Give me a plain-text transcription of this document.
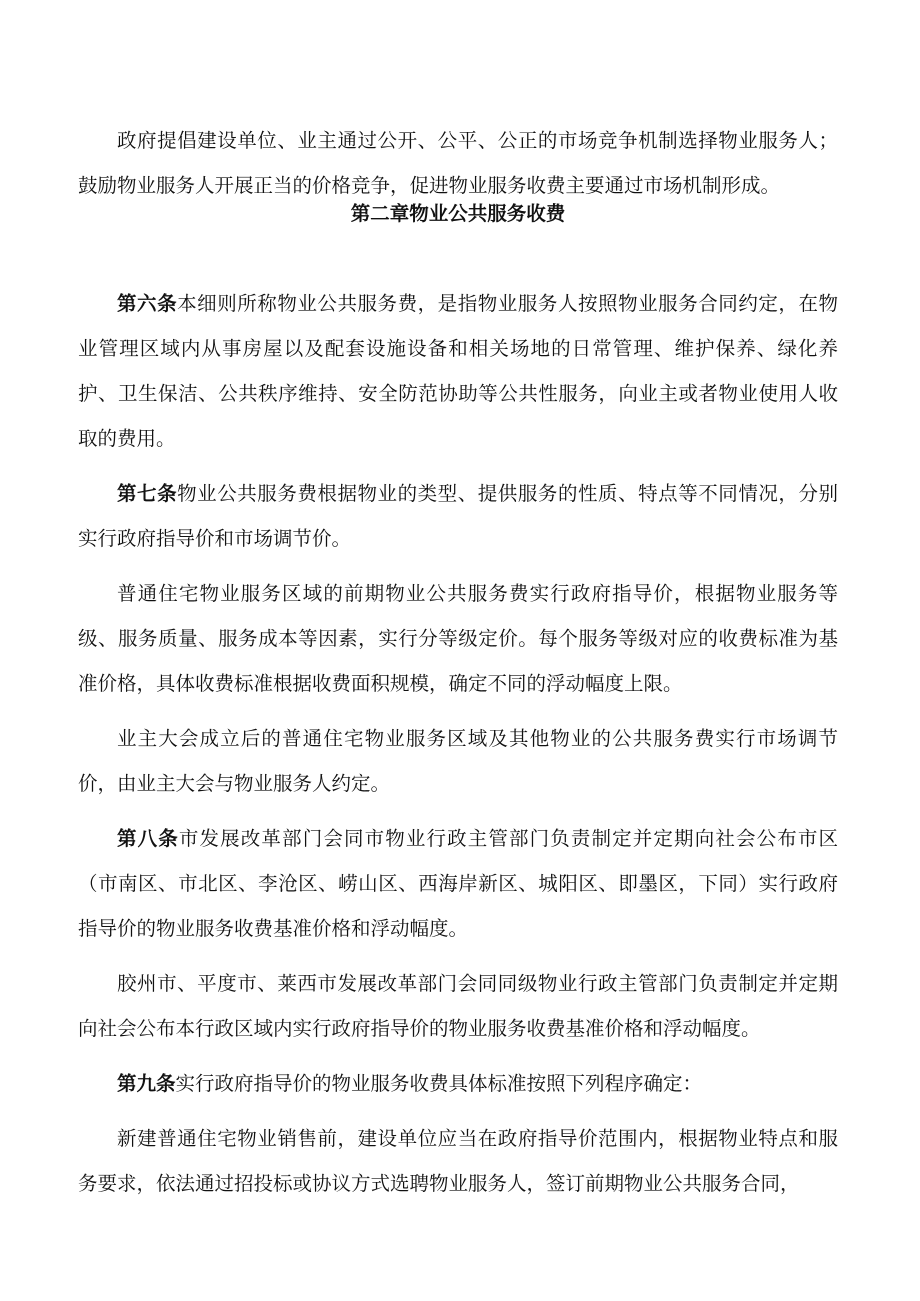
政府提倡建设单位、业主通过公开、公平、公正的市场竞争机制选择物业服务人；鼓励物业服务人开展正当的价格竞争，促进物业服务收费主要通过市场机制形成。

第二章物业公共服务收费

第六条本细则所称物业公共服务费，是指物业服务人按照物业服务合同约定，在物业管理区域内从事房屋以及配套设施设备和相关场地的日常管理、维护保养、绿化养护、卫生保洁、公共秩序维持、安全防范协助等公共性服务，向业主或者物业使用人收取的费用。

第七条物业公共服务费根据物业的类型、提供服务的性质、特点等不同情况，分别实行政府指导价和市场调节价。

普通住宅物业服务区域的前期物业公共服务费实行政府指导价，根据物业服务等级、服务质量、服务成本等因素，实行分等级定价。每个服务等级对应的收费标准为基准价格，具体收费标准根据收费面积规模，确定不同的浮动幅度上限。

业主大会成立后的普通住宅物业服务区域及其他物业的公共服务费实行市场调节价，由业主大会与物业服务人约定。

第八条市发展改革部门会同市物业行政主管部门负责制定并定期向社会公布市区（市南区、市北区、李沧区、崂山区、西海岸新区、城阳区、即墨区，下同）实行政府指导价的物业服务收费基准价格和浮动幅度。

胶州市、平度市、莱西市发展改革部门会同同级物业行政主管部门负责制定并定期向社会公布本行政区域内实行政府指导价的物业服务收费基准价格和浮动幅度。

第九条实行政府指导价的物业服务收费具体标准按照下列程序确定：

新建普通住宅物业销售前，建设单位应当在政府指导价范围内，根据物业特点和服务要求，依法通过招投标或协议方式选聘物业服务人，签订前期物业公共服务合同，
